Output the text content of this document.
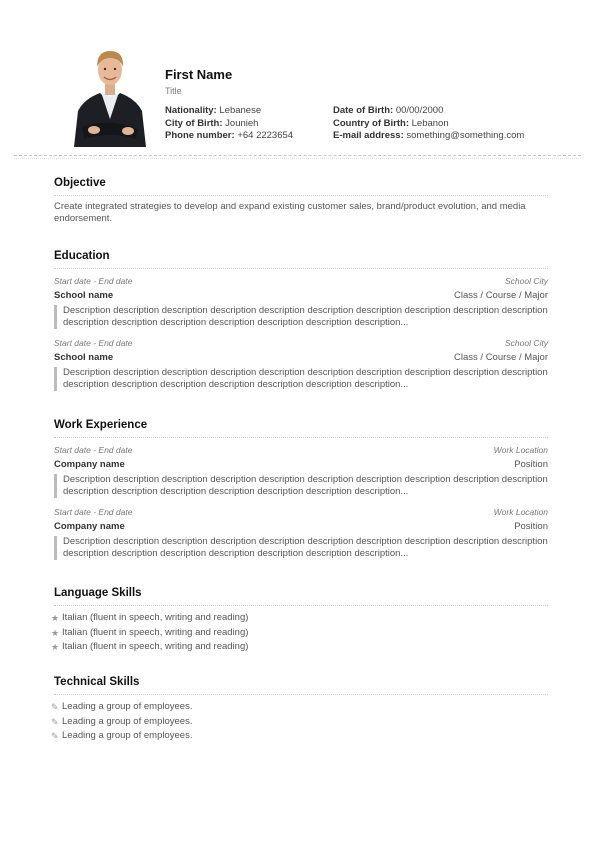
First Name
Title
Nationality: Lebanese
City of Birth: Jounieh
Phone number: +64 2223654
Date of Birth: 00/00/2000
Country of Birth: Lebanon
E-mail address: something@something.com
Objective
Create integrated strategies to develop and expand existing customer sales, brand/product evolution, and media endorsement.
Education
Start date - End date	School City
School name	Class / Course / Major
Description description description description description description description description description description description description description description description description description...
Start date - End date	School City
School name	Class / Course / Major
Description description description description description description description description description description description description description description description description description...
Work Experience
Start date - End date	Work Location
Company name	Position
Description description description description description description description description description description description description description description description description description...
Start date - End date	Work Location
Company name	Position
Description description description description description description description description description description description description description description description description description...
Language Skills
★ Italian (fluent in speech, writing and reading)
★ Italian (fluent in speech, writing and reading)
★ Italian (fluent in speech, writing and reading)
Technical Skills
✎ Leading a group of employees.
✎ Leading a group of employees.
✎ Leading a group of employees.
